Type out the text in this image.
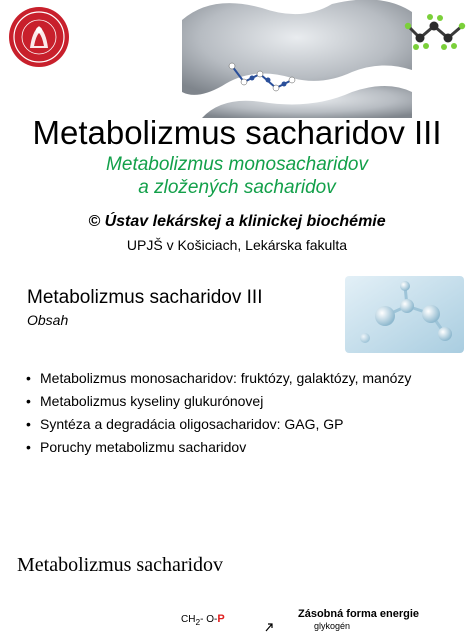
Metabolizmus sacharidov III
Metabolizmus monosacharidov
a zložených sacharidov
© Ústav lekárskej a klinickej biochémie
UPJŠ v Košiciach, Lekárska fakulta
Metabolizmus sacharidov III
Obsah
• Metabolizmus monosacharidov: fruktózy, galaktózy, manózy
• Metabolizmus kyseliny glukurónovej
• Syntéza a degradácia oligosacharidov: GAG, GP
• Poruchy metabolizmu sacharidov
Metabolizmus sacharidov
$CH_2-$ O-P	Zásobná forma energie
glykogén
